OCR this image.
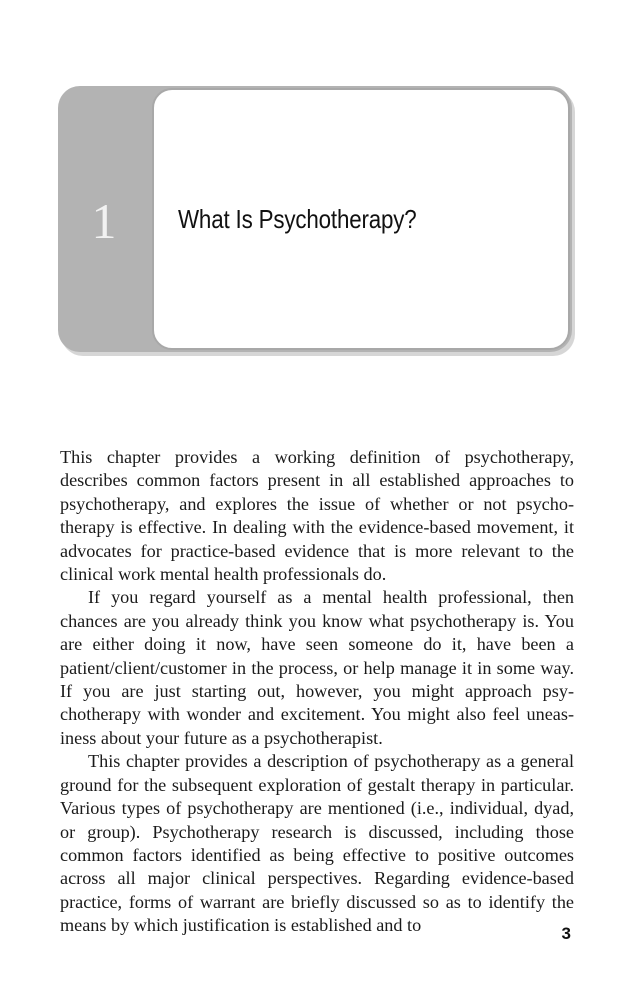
1 What Is Psychotherapy?

This chapter provides a working definition of psychotherapy, describes common factors present in all established approaches to psychotherapy, and explores the issue of whether or not psychotherapy is effective. In dealing with the evidence-based movement, it advocates for practice-based evidence that is more relevant to the clinical work mental health professionals do.

If you regard yourself as a mental health professional, then chances are you already think you know what psychotherapy is. You are either doing it now, have seen someone do it, have been a patient/client/customer in the process, or help manage it in some way. If you are just starting out, however, you might approach psychotherapy with wonder and excitement. You might also feel uneasiness about your future as a psychotherapist.

This chapter provides a description of psychotherapy as a general ground for the subsequent exploration of gestalt therapy in particular. Various types of psychotherapy are mentioned (i.e., individual, dyad, or group). Psychotherapy research is discussed, including those common factors identified as being effective to positive outcomes across all major clinical perspectives. Regarding evidence-based practice, forms of warrant are briefly discussed so as to identify the means by which justification is established and to	3
